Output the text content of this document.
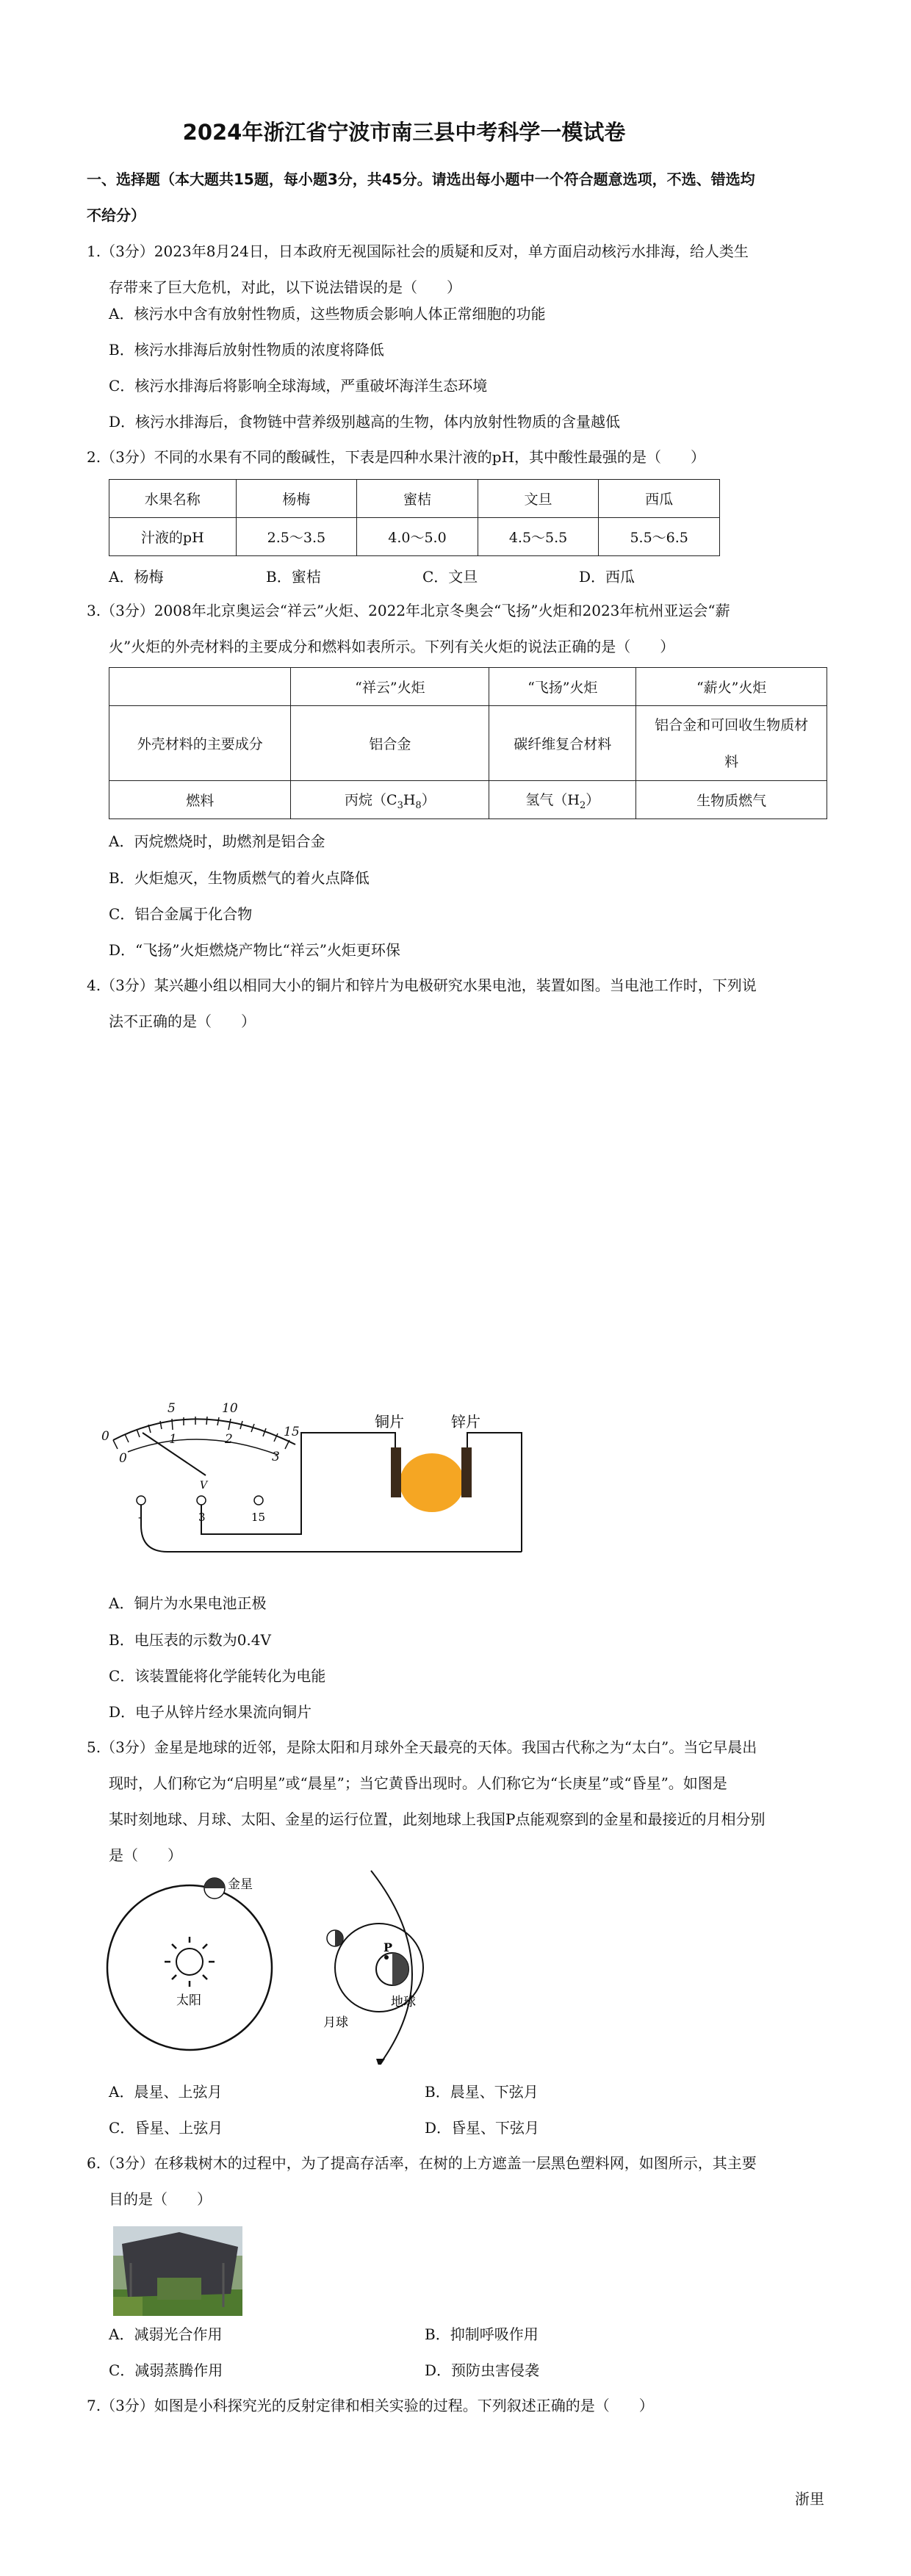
2024年浙江省宁波市南三县中考科学一模试卷
一、选择题（本大题共15题，每小题3分，共45分。请选出每小题中一个符合题意选项，不选、错选均
不给分）
1.（3分）2023年8月24日，日本政府无视国际社会的质疑和反对，单方面启动核污水排海，给人类生
存带来了巨大危机，对此，以下说法错误的是（　　）
A．核污水中含有放射性物质，这些物质会影响人体正常细胞的功能
B．核污水排海后放射性物质的浓度将降低
C．核污水排海后将影响全球海域，严重破坏海洋生态环境
D．核污水排海后，食物链中营养级别越高的生物，体内放射性物质的含量越低
2.（3分）不同的水果有不同的酸碱性，下表是四种水果汁液的pH，其中酸性最强的是（　　）
水果名称	杨梅	蜜桔	文旦	西瓜
汁液的pH	2.5～3.5	4.0～5.0	4.5～5.5	5.5～6.5
A．杨梅	B．蜜桔	C．文旦	D．西瓜
3.（3分）2008年北京奥运会“祥云”火炬、2022年北京冬奥会“飞扬”火炬和2023年杭州亚运会“薪
火”火炬的外壳材料的主要成分和燃料如表所示。下列有关火炬的说法正确的是（　　）
	“祥云”火炬	“飞扬”火炬	“薪火”火炬
外壳材料的主要成分	铝合金	碳纤维复合材料	铝合金和可回收生物质材
料

燃料	丙烷$(C_3H_8)$	氢气$(H_2)$	生物质燃气
A．丙烷燃烧时，助燃剂是铝合金
B．火炬熄灭，生物质燃气的着火点降低
C．铝合金属于化合物
D．“飞扬”火炬燃烧产物比“祥云”火炬更环保
4.（3分）某兴趣小组以相同大小的铜片和锌片为电极研究水果电池，装置如图。当电池工作时，下列说
法不正确的是（　　）
0
5	10
15
0
1	2
3
V
-	3	15
铜片	锌片
A．铜片为水果电池正极
B．电压表的示数为0.4V
C．该装置能将化学能转化为电能
D．电子从锌片经水果流向铜片
5.（3分）金星是地球的近邻，是除太阳和月球外全天最亮的天体。我国古代称之为“太白”。当它早晨出
现时，人们称它为“启明星”或“晨星”；当它黄昏出现时。人们称它为“长庚星”或“昏星”。如图是
某时刻地球、月球、太阳、金星的运行位置，此刻地球上我国P点能观察到的金星和最接近的月相分别
是（　　）
金星
太阳
月球
P
地球
A．晨星、上弦月	B．晨星、下弦月
C．昏星、上弦月	D．昏星、下弦月
6.（3分）在移栽树木的过程中，为了提高存活率，在树的上方遮盖一层黑色塑料网，如图所示，其主要
目的是（　　）
A．减弱光合作用	B．抑制呼吸作用
C．减弱蒸腾作用	D．预防虫害侵袭
7.（3分）如图是小科探究光的反射定律和相关实验的过程。下列叙述正确的是（　　）
浙里
